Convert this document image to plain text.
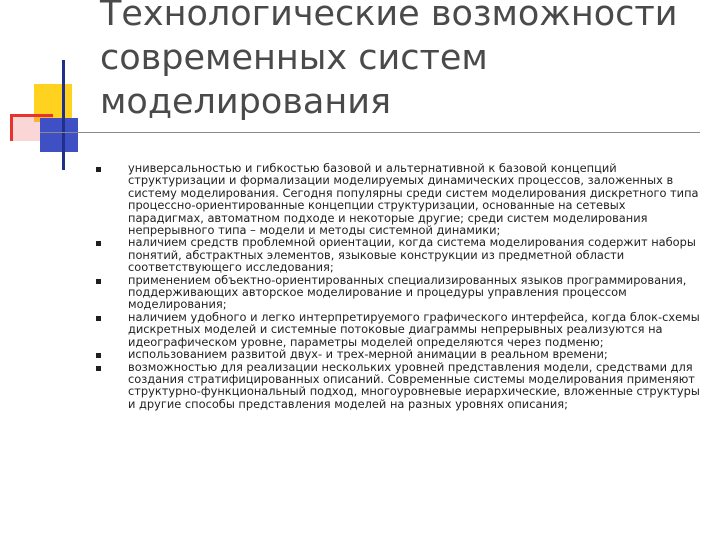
Технологические возможности
современных систем
моделирования
универсальностью и гибкостью базовой и альтернативной к базовой концепций структуризации и формализации моделируемых динамических процессов, заложенных в систему моделирования. Сегодня популярны среди систем моделирования дискретного типа процессно-ориентированные концепции структуризации, основанные на сетевых парадигмах, автоматном подходе и некоторые другие; среди систем моделирования непрерывного типа – модели и методы системной динамики;
наличием средств проблемной ориентации, когда система моделирования содержит наборы понятий, абстрактных элементов, языковые конструкции из предметной области соответствующего исследования;
применением объектно-ориентированных специализированных языков программирования, поддерживающих авторское моделирование и процедуры управления процессом моделирования;
наличием удобного и легко интерпретируемого графического интерфейса, когда блок-схемы дискретных моделей и системные потоковые диаграммы непрерывных реализуются на идеографическом уровне, параметры моделей определяются через подменю;
использованием развитой двух- и трех-мерной анимации в реальном времени;
возможностью для реализации нескольких уровней представления модели, средствами для создания стратифицированных описаний. Современные системы моделирования применяют структурно-функциональный подход, многоуровневые иерархические, вложенные структуры и другие способы представления моделей на разных уровнях описания;
